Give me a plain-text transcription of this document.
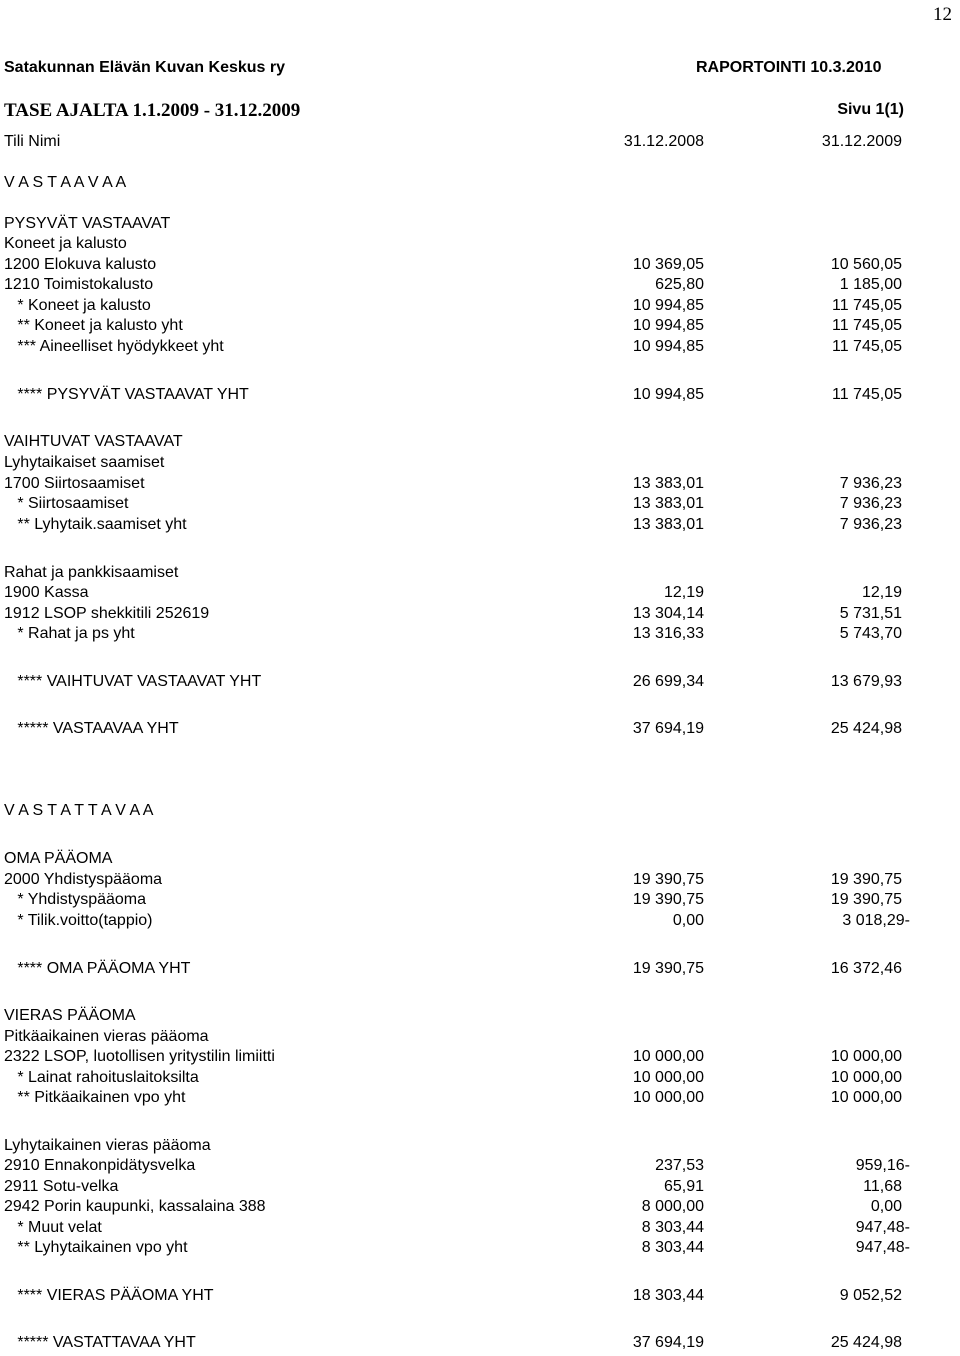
12
Satakunnan Elävän Kuvan Keskus ry	RAPORTOINTI 10.3.2010
TASE AJALTA 1.1.2009 - 31.12.2009	Sivu 1(1)
Tili Nimi	31.12.2008	31.12.2009
V A S T A A V A A
PYSYVÄT VASTAAVAT
Koneet ja kalusto
1200 Elokuva kalusto	10 369,05	10 560,05
1210 Toimistokalusto	625,80	1 185,00
* Koneet ja kalusto	10 994,85	11 745,05
** Koneet ja kalusto yht	10 994,85	11 745,05
*** Aineelliset hyödykkeet yht	10 994,85	11 745,05
**** PYSYVÄT VASTAAVAT YHT	10 994,85	11 745,05
VAIHTUVAT VASTAAVAT
Lyhytaikaiset saamiset
1700 Siirtosaamiset	13 383,01	7 936,23
* Siirtosaamiset	13 383,01	7 936,23
** Lyhytaik.saamiset yht	13 383,01	7 936,23
Rahat ja pankkisaamiset
1900 Kassa	12,19	12,19
1912 LSOP shekkitili 252619	13 304,14	5 731,51
* Rahat ja ps yht	13 316,33	5 743,70
**** VAIHTUVAT VASTAAVAT YHT	26 699,34	13 679,93
***** VASTAAVAA YHT	37 694,19	25 424,98
V A S T A T T A V A A
OMA PÄÄOMA
2000 Yhdistyspääoma	19 390,75	19 390,75
* Yhdistyspääoma	19 390,75	19 390,75
* Tilik.voitto(tappio)	0,00	3 018,29-
**** OMA PÄÄOMA YHT	19 390,75	16 372,46
VIERAS PÄÄOMA
Pitkäaikainen vieras pääoma
2322 LSOP, luotollisen yritystilin limiitti	10 000,00	10 000,00
* Lainat rahoituslaitoksilta	10 000,00	10 000,00
** Pitkäaikainen vpo yht	10 000,00	10 000,00
Lyhytaikainen vieras pääoma
2910 Ennakonpidätysvelka	237,53	959,16-
2911 Sotu-velka	65,91	11,68
2942 Porin kaupunki, kassalaina 388	8 000,00	0,00
* Muut velat	8 303,44	947,48-
** Lyhytaikainen vpo yht	8 303,44	947,48-
**** VIERAS PÄÄOMA YHT	18 303,44	9 052,52
***** VASTATTAVAA YHT	37 694,19	25 424,98
